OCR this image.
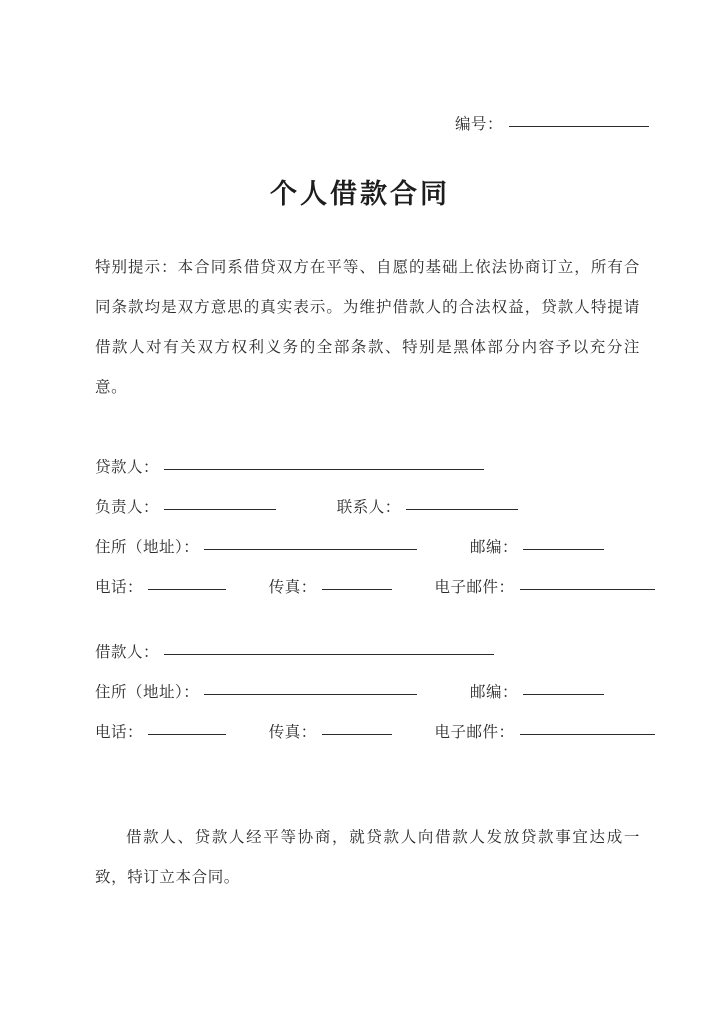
编号：
个人借款合同
特别提示：本合同系借贷双方在平等、自愿的基础上依法协商订立，所有合同条款均是双方意思的真实表示。为维护借款人的合法权益，贷款人特提请借款人对有关双方权利义务的全部条款、特别是黑体部分内容予以充分注意。
贷款人：
负责人：	联系人：
住所（地址）：	邮编：
电话：	传真：	电子邮件：
借款人：
住所（地址）：	邮编：
电话：	传真：	电子邮件：
借款人、贷款人经平等协商，就贷款人向借款人发放贷款事宜达成一致，特订立本合同。
